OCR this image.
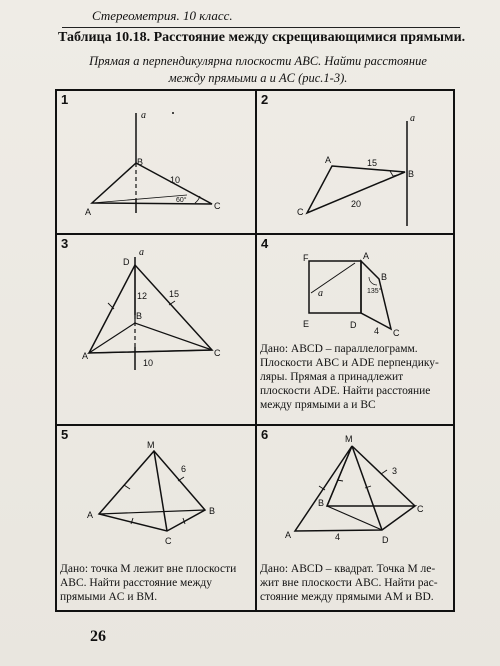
Стереометрия. 10 класс.
Таблица 10.18. Расстояние между скрещивающимися прямыми.
Прямая a перпендикулярна плоскости ABC. Найти расстояние
между прямыми a и AC (рис.1-3).
1
a
B
A
C
10
60°
2
a
A
B
C
15
20
3
a
D
B
A	C
12 15
10
4
F	A
B
E	D
C
a	135°
4
Дано: ABCD – параллелограмм.
Плоскости ABC и ADE перпендику-
ляры. Прямая a принадлежит
плоскости ADE. Найти расстояние
между прямыми a и BC
5
M
A	B
C
6
Дано: точка M лежит вне плоскости
ABC. Найти расстояние между
прямыми AC и BM.
6	M
A
B
C
D
3
4
Дано: ABCD – квадрат. Точка M ле-
жит вне плоскости ABC. Найти рас-
стояние между прямыми AM и BD.
26
